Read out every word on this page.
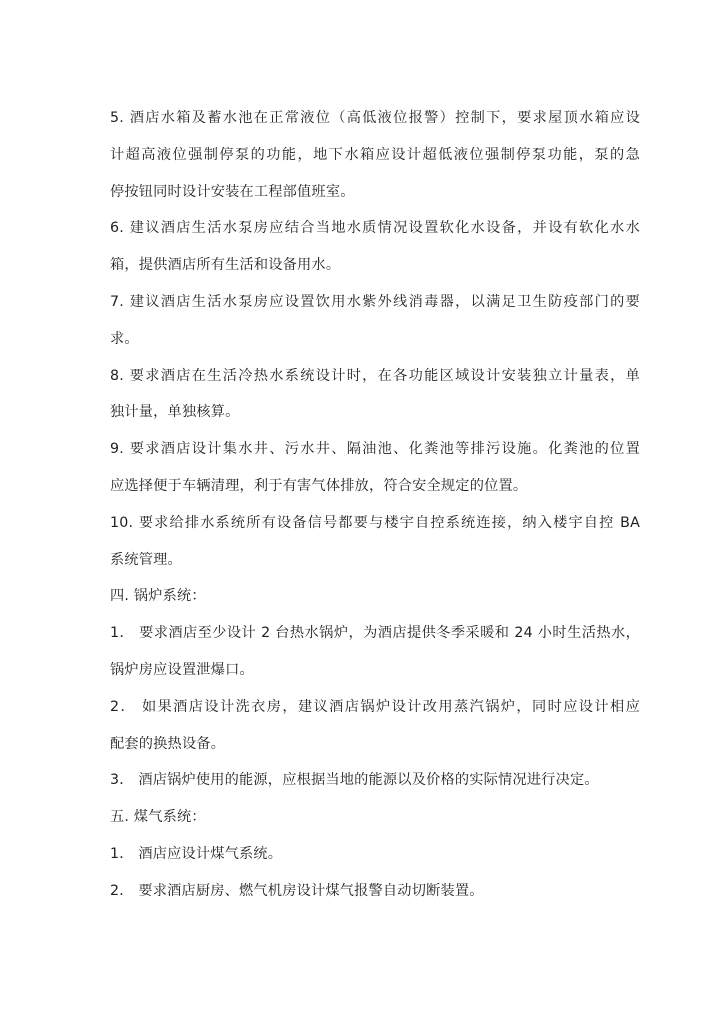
5. 酒店水箱及蓄水池在正常液位（高低液位报警）控制下，要求屋顶水箱应设
计超高液位强制停泵的功能，地下水箱应设计超低液位强制停泵功能，泵的急
停按钮同时设计安装在工程部值班室。

6. 建议酒店生活水泵房应结合当地水质情况设置软化水设备，并设有软化水水
箱，提供酒店所有生活和设备用水。

7. 建议酒店生活水泵房应设置饮用水紫外线消毒器，以满足卫生防疫部门的要
求。

8. 要求酒店在生活冷热水系统设计时，在各功能区域设计安装独立计量表，单
独计量，单独核算。

9. 要求酒店设计集水井、污水井、隔油池、化粪池等排污设施。化粪池的位置
应选择便于车辆清理，利于有害气体排放，符合安全规定的位置。

10. 要求给排水系统所有设备信号都要与楼宇自控系统连接，纳入楼宇自控 BA
系统管理。

四. 锅炉系统：

1． 要求酒店至少设计 2 台热水锅炉，为酒店提供冬季采暖和 24 小时生活热水，
锅炉房应设置泄爆口。

2． 如果酒店设计洗衣房，建议酒店锅炉设计改用蒸汽锅炉，同时应设计相应
配套的换热设备。

3． 酒店锅炉使用的能源，应根据当地的能源以及价格的实际情况进行决定。

五. 煤气系统：

1． 酒店应设计煤气系统。

2． 要求酒店厨房、燃气机房设计煤气报警自动切断装置。
